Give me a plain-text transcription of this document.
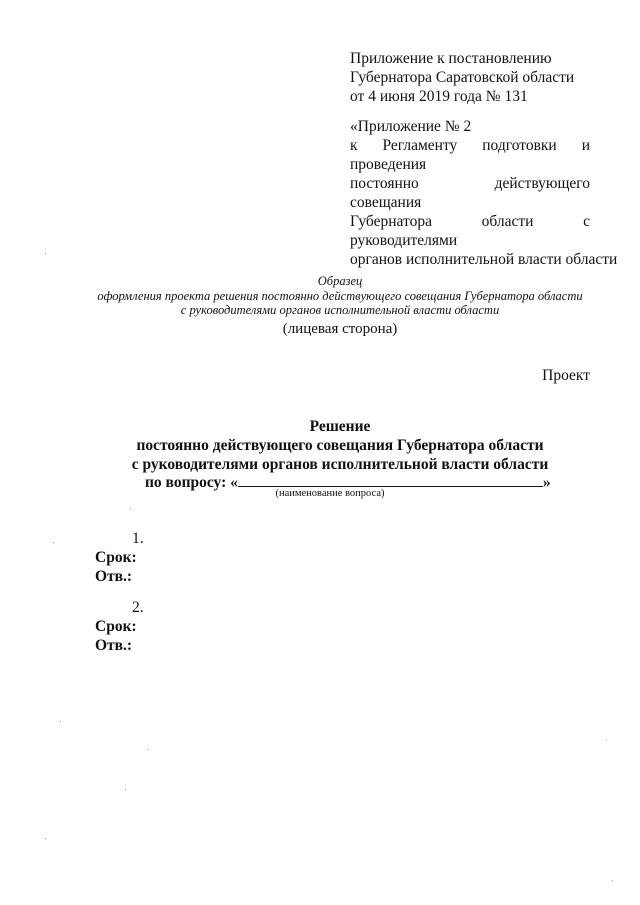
Приложение к постановлению
Губернатора Саратовской области
от 4 июня 2019 года № 131
«Приложение № 2
к Регламенту подготовки и проведения
постоянно действующего совещания
Губернатора области с руководителями
органов исполнительной власти области
Образец
оформления проекта решения постоянно действующего совещания Губернатора области
с руководителями органов исполнительной власти области
(лицевая сторона)
Проект
Решение
постоянно действующего совещания Губернатора области
с руководителями органов исполнительной власти области
по вопросу: «	»
(наименование вопроса)
1.
Срок:
Отв.:
2.
Срок:
Отв.:
